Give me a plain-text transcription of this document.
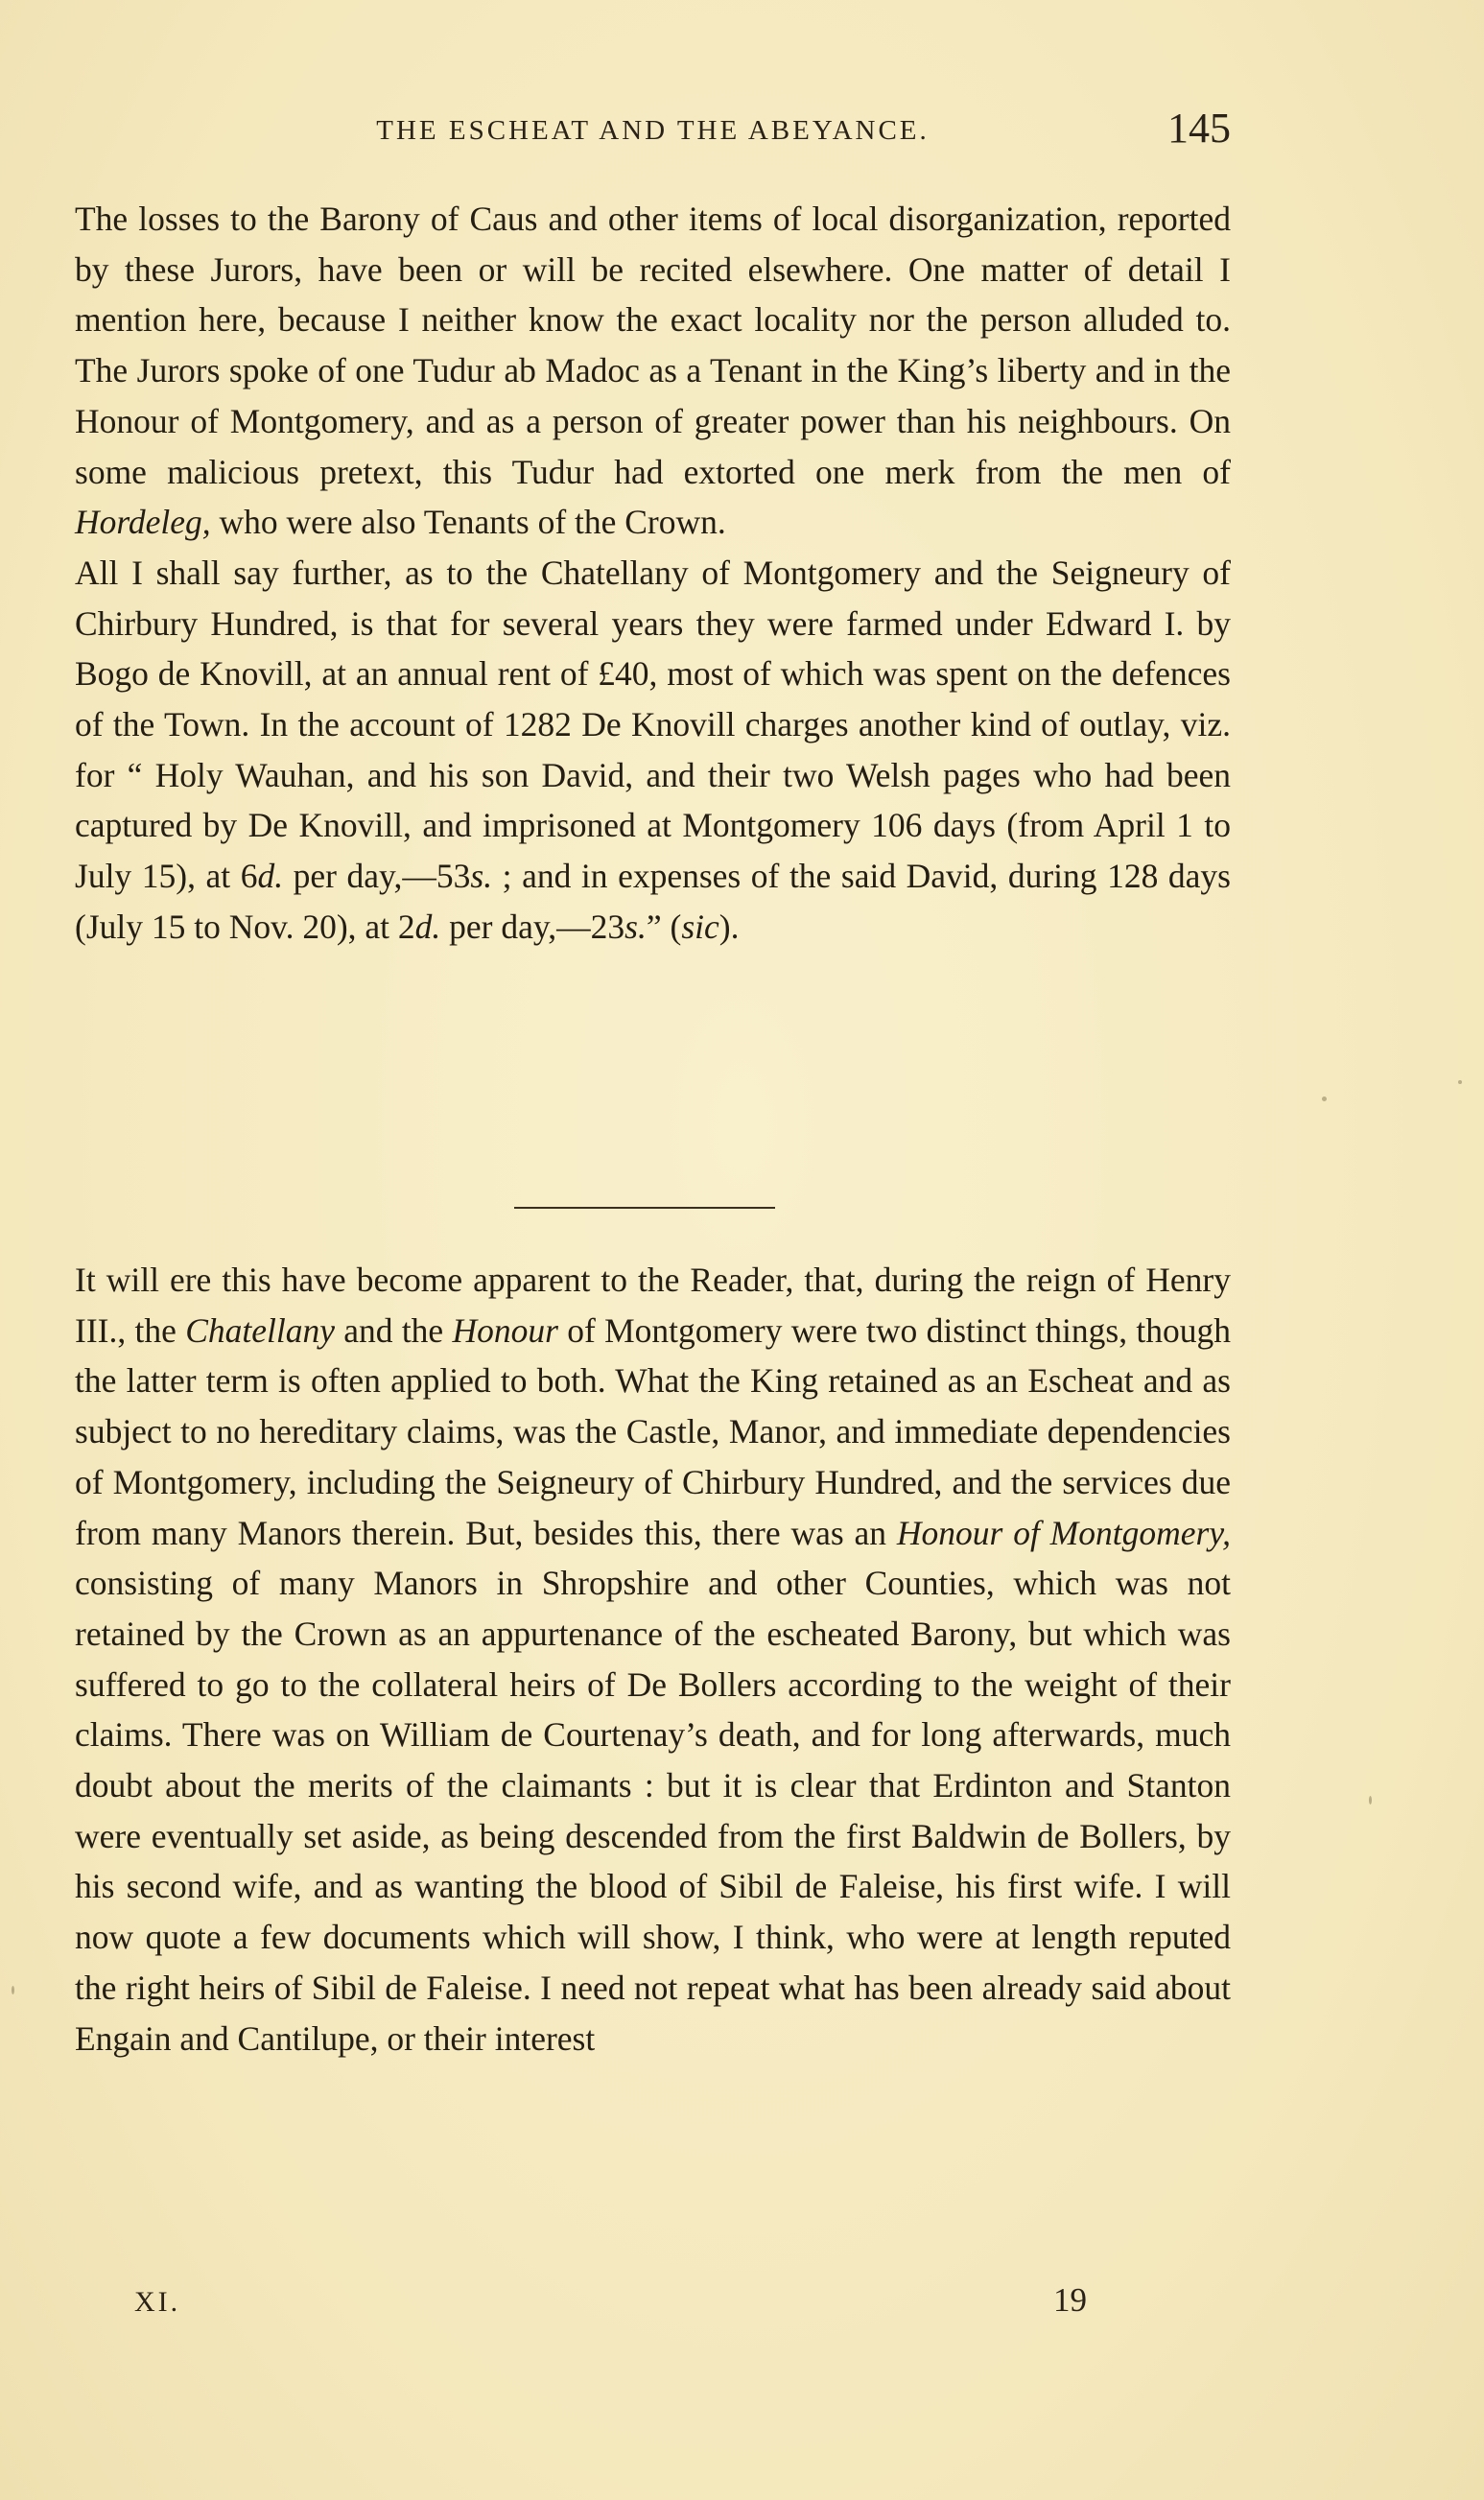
THE ESCHEAT AND THE ABEYANCE.	145

The losses to the Barony of Caus and other items of local disorganization, reported by these Jurors, have been or will be recited elsewhere. One matter of detail I mention here, because I neither know the exact locality nor the person alluded to. The Jurors spoke of one Tudur ab Madoc as a Tenant in the King’s liberty and in the Honour of Montgomery, and as a person of greater power than his neighbours. On some malicious pretext, this Tudur had extorted one merk from the men of Hordeleg, who were also Tenants of the Crown.

All I shall say further, as to the Chatellany of Montgomery and the Seigneury of Chirbury Hundred, is that for several years they were farmed under Edward I. by Bogo de Knovill, at an annual rent of £40, most of which was spent on the defences of the Town. In the account of 1282 De Knovill charges another kind of outlay, viz. for “ Holy Wauhan, and his son David, and their two Welsh pages who had been captured by De Knovill, and imprisoned at Montgomery 106 days (from April 1 to July 15), at 6d. per day,—53s. ; and in expenses of the said David, during 128 days (July 15 to Nov. 20), at 2d. per day,—23s.” (sic).

It will ere this have become apparent to the Reader, that, during the reign of Henry III., the Chatellany and the Honour of Montgomery were two distinct things, though the latter term is often applied to both. What the King retained as an Escheat and as subject to no hereditary claims, was the Castle, Manor, and immediate dependencies of Montgomery, including the Seigneury of Chirbury Hundred, and the services due from many Manors therein. But, besides this, there was an Honour of Montgomery, consisting of many Manors in Shropshire and other Counties, which was not retained by the Crown as an appurtenance of the escheated Barony, but which was suffered to go to the collateral heirs of De Bollers according to the weight of their claims. There was on William de Courtenay’s death, and for long afterwards, much doubt about the merits of the claimants : but it is clear that Erdinton and Stanton were eventually set aside, as being descended from the first Baldwin de Bollers, by his second wife, and as wanting the blood of Sibil de Faleise, his first wife. I will now quote a few documents which will show, I think, who were at length reputed the right heirs of Sibil de Faleise. I need not repeat what has been already said about Engain and Cantilupe, or their interest

XI.	19
